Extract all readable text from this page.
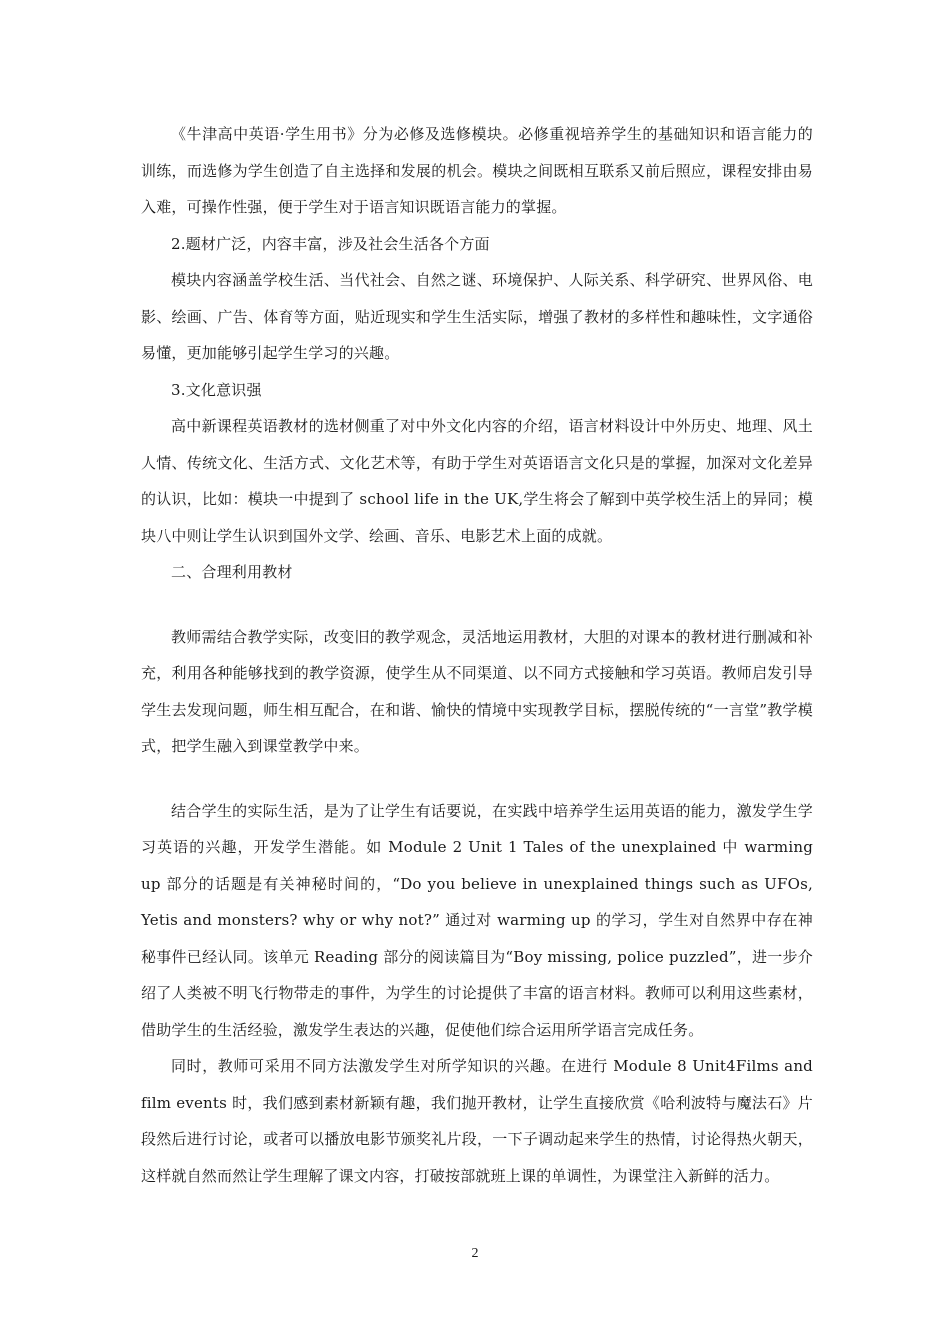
《牛津高中英语·学生用书》分为必修及选修模块。必修重视培养学生的基础知识和语言能力的训练，而选修为学生创造了自主选择和发展的机会。模块之间既相互联系又前后照应，课程安排由易入难，可操作性强，便于学生对于语言知识既语言能力的掌握。

2.题材广泛，内容丰富，涉及社会生活各个方面

模块内容涵盖学校生活、当代社会、自然之谜、环境保护、人际关系、科学研究、世界风俗、电影、绘画、广告、体育等方面，贴近现实和学生生活实际，增强了教材的多样性和趣味性，文字通俗易懂，更加能够引起学生学习的兴趣。

3.文化意识强

高中新课程英语教材的选材侧重了对中外文化内容的介绍，语言材料设计中外历史、地理、风土人情、传统文化、生活方式、文化艺术等，有助于学生对英语语言文化只是的掌握，加深对文化差异的认识，比如：模块一中提到了 school life in the UK,学生将会了解到中英学校生活上的异同；模块八中则让学生认识到国外文学、绘画、音乐、电影艺术上面的成就。

二、合理利用教材

教师需结合教学实际，改变旧的教学观念，灵活地运用教材，大胆的对课本的教材进行删减和补充，利用各种能够找到的教学资源，使学生从不同渠道、以不同方式接触和学习英语。教师启发引导学生去发现问题，师生相互配合，在和谐、愉快的情境中实现教学目标，摆脱传统的“一言堂”教学模式，把学生融入到课堂教学中来。

结合学生的实际生活，是为了让学生有话要说，在实践中培养学生运用英语的能力，激发学生学习英语的兴趣，开发学生潜能。如 Module 2 Unit 1 Tales of the unexplained 中 warming up 部分的话题是有关神秘时间的，“Do you believe in unexplained things such as UFOs, Yetis and monsters? why or why not?” 通过对 warming up 的学习，学生对自然界中存在神秘事件已经认同。该单元 Reading 部分的阅读篇目为“Boy missing, police puzzled”，进一步介绍了人类被不明飞行物带走的事件，为学生的讨论提供了丰富的语言材料。教师可以利用这些素材，借助学生的生活经验，激发学生表达的兴趣，促使他们综合运用所学语言完成任务。

同时，教师可采用不同方法激发学生对所学知识的兴趣。在进行 Module 8 Unit4Films and film events 时，我们感到素材新颖有趣，我们抛开教材，让学生直接欣赏《哈利波特与魔法石》片段然后进行讨论，或者可以播放电影节颁奖礼片段，一下子调动起来学生的热情，讨论得热火朝天，这样就自然而然让学生理解了课文内容，打破按部就班上课的单调性，为课堂注入新鲜的活力。

2
